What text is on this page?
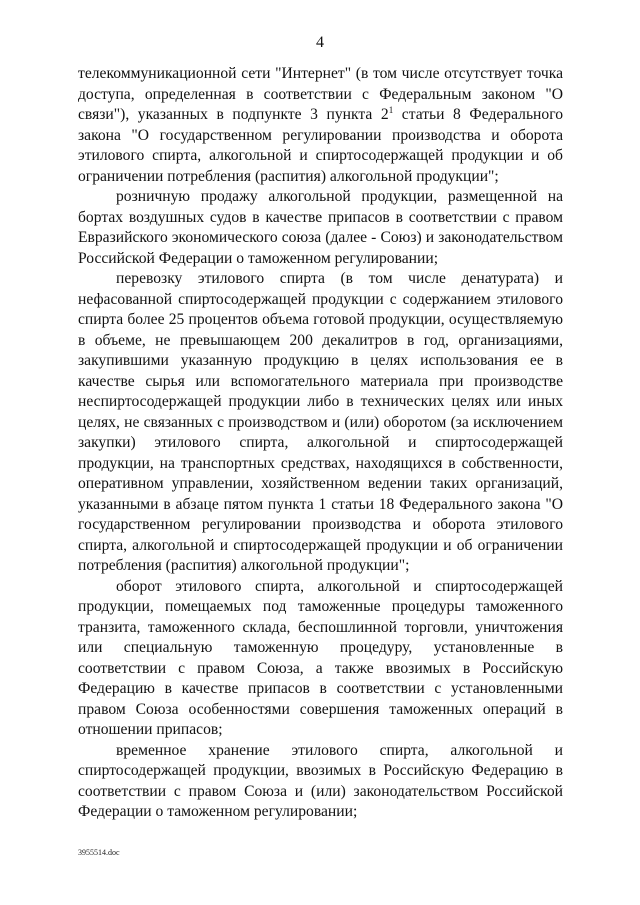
4

телекоммуникационной сети "Интернет" (в том числе отсутствует точка доступа, определенная в соответствии с Федеральным законом "О связи"), указанных в подпункте 3 пункта $2^1$ статьи 8 Федерального закона "О государственном регулировании производства и оборота этилового спирта, алкогольной и спиртосодержащей продукции и об ограничении потребления (распития) алкогольной продукции";

розничную продажу алкогольной продукции, размещенной на бортах воздушных судов в качестве припасов в соответствии с правом Евразийского экономического союза (далее - Союз) и законодательством Российской Федерации о таможенном регулировании;

перевозку этилового спирта (в том числе денатурата) и нефасованной спиртосодержащей продукции с содержанием этилового спирта более 25 процентов объема готовой продукции, осуществляемую в объеме, не превышающем 200 декалитров в год, организациями, закупившими указанную продукцию в целях использования ее в качестве сырья или вспомогательного материала при производстве неспиртосодержащей продукции либо в технических целях или иных целях, не связанных с производством и (или) оборотом (за исключением закупки) этилового спирта, алкогольной и спиртосодержащей продукции, на транспортных средствах, находящихся в собственности, оперативном управлении, хозяйственном ведении таких организаций, указанными в абзаце пятом пункта 1 статьи 18 Федерального закона "О государственном регулировании производства и оборота этилового спирта, алкогольной и спиртосодержащей продукции и об ограничении потребления (распития) алкогольной продукции";

оборот этилового спирта, алкогольной и спиртосодержащей продукции, помещаемых под таможенные процедуры таможенного транзита, таможенного склада, беспошлинной торговли, уничтожения или специальную таможенную процедуру, установленные в соответствии с правом Союза, а также ввозимых в Российскую Федерацию в качестве припасов в соответствии с установленными правом Союза особенностями совершения таможенных операций в отношении припасов;

временное хранение этилового спирта, алкогольной и спиртосодержащей продукции, ввозимых в Российскую Федерацию в соответствии с правом Союза и (или) законодательством Российской Федерации о таможенном регулировании;

3955514.doc
